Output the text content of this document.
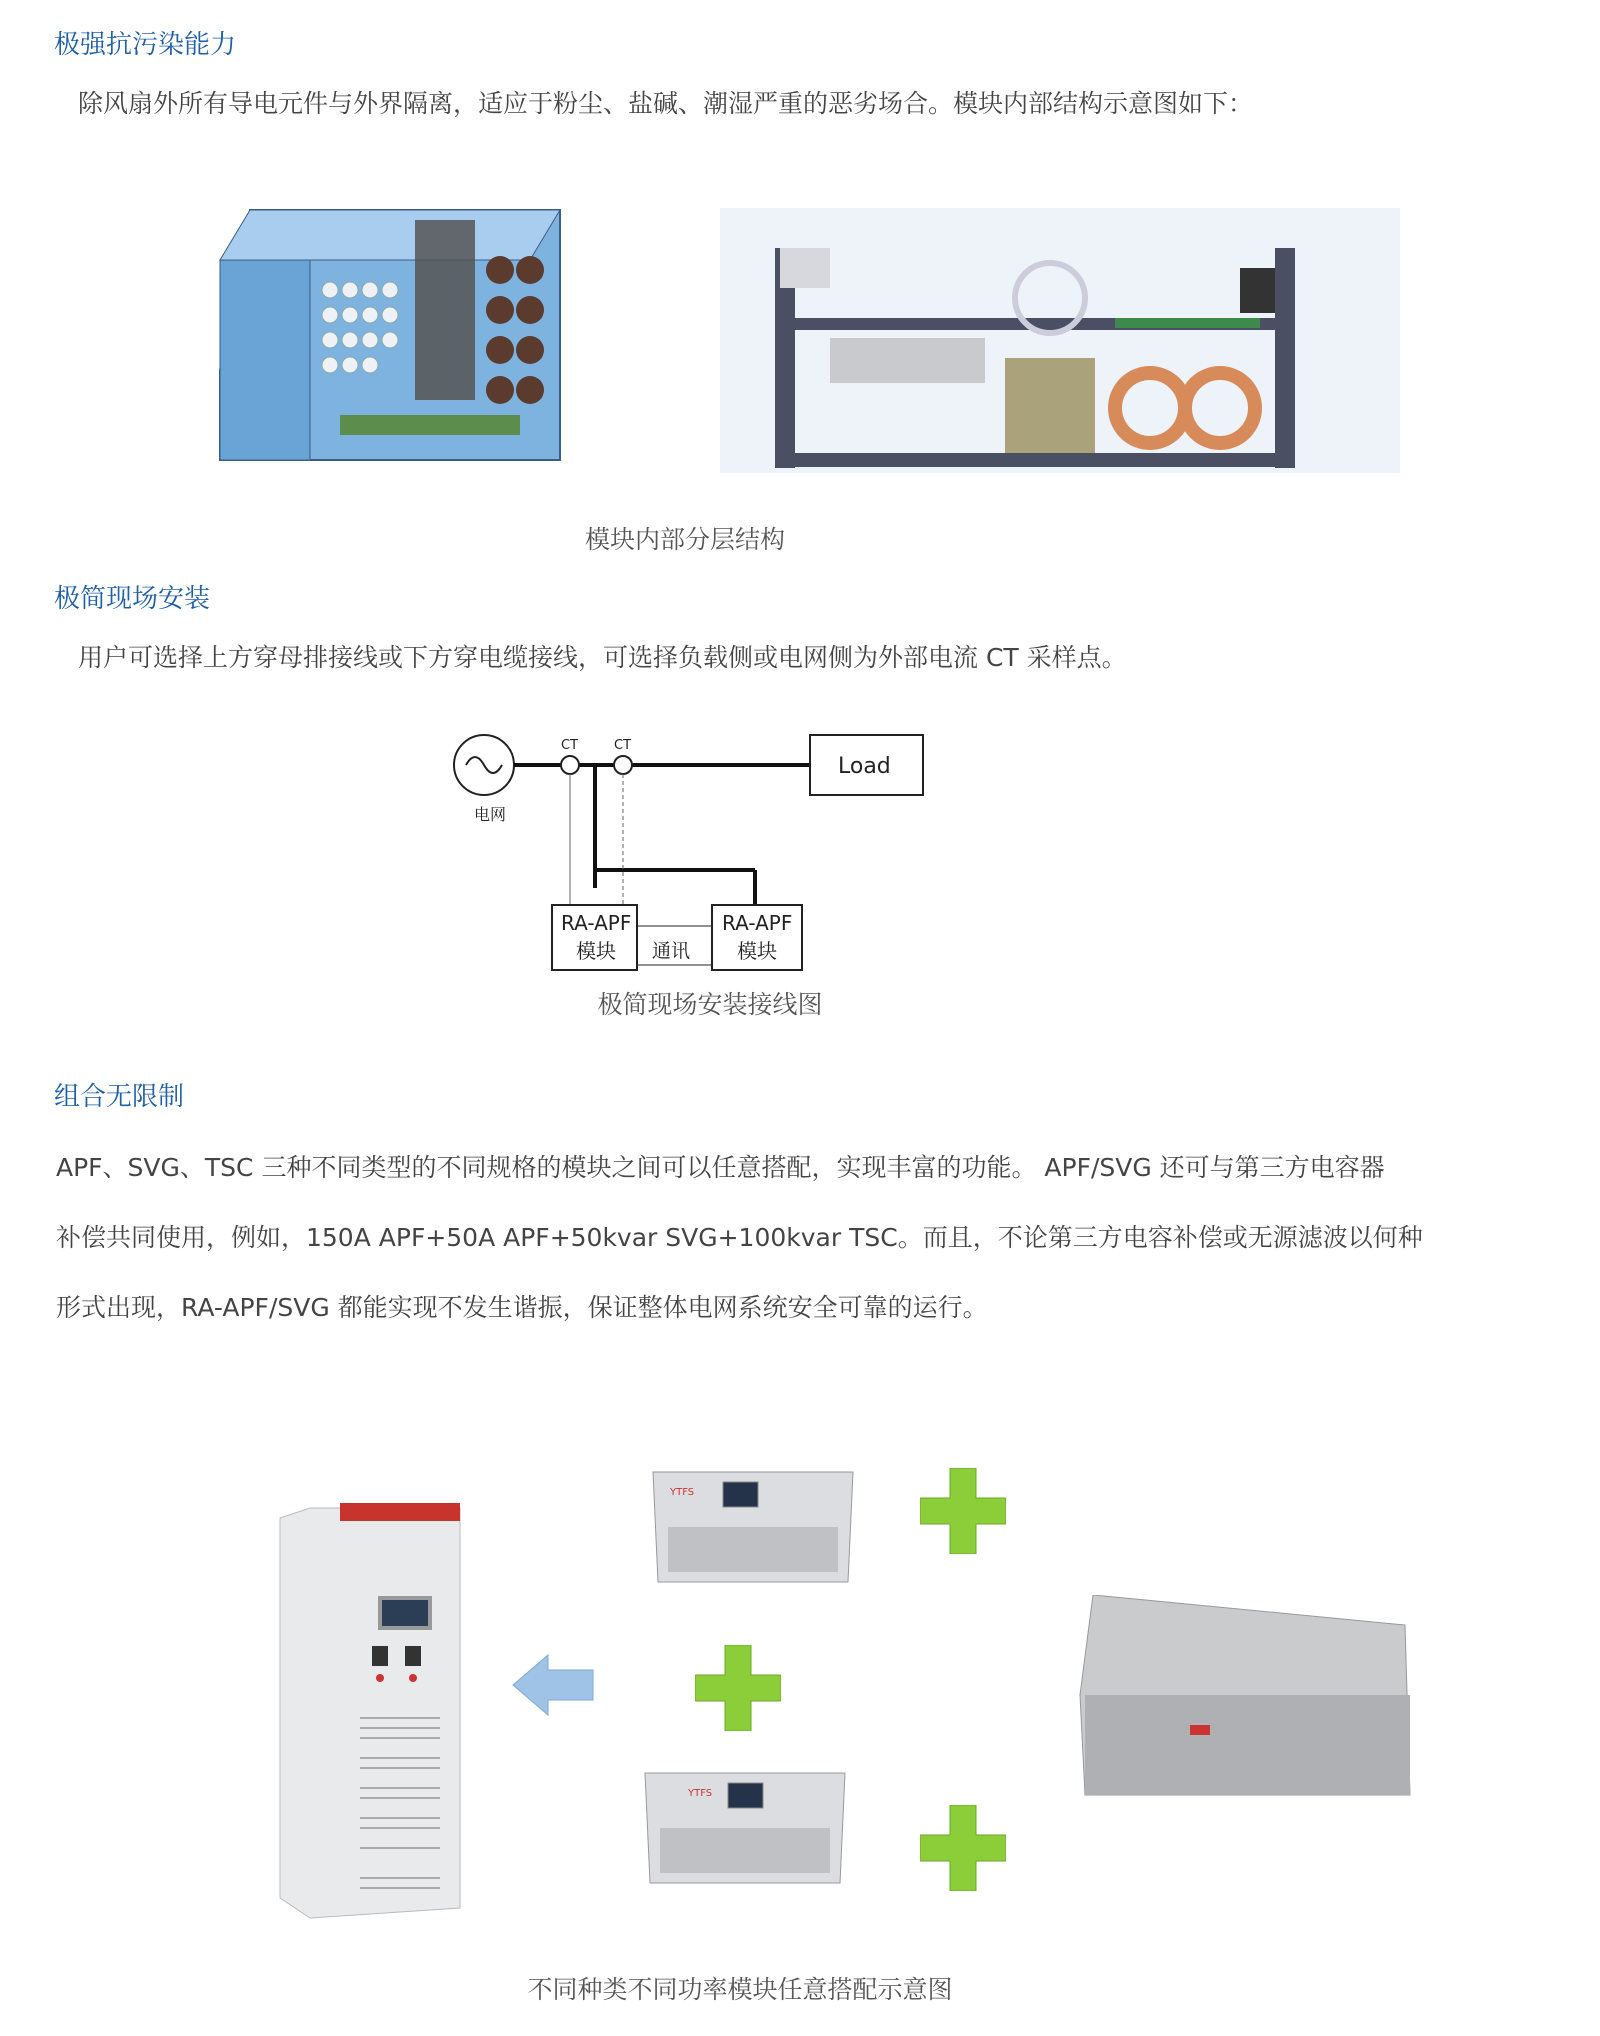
极强抗污染能力
除风扇外所有导电元件与外界隔离，适应于粉尘、盐碱、潮湿严重的恶劣场合。模块内部结构示意图如下：
模块内部分层结构
极简现场安装
用户可选择上方穿母排接线或下方穿电缆接线，可选择负载侧或电网侧为外部电流 CT 采样点。
电网
CT	CT
Load
RA-APF
模块
RA-APF
模块
通讯
极简现场安装接线图
组合无限制
APF、SVG、TSC 三种不同类型的不同规格的模块之间可以任意搭配，实现丰富的功能。 APF/SVG 还可与第三方电容器
补偿共同使用，例如，150A APF+50A APF+50kvar SVG+100kvar TSC。而且，不论第三方电容补偿或无源滤波以何种
形式出现，RA-APF/SVG 都能实现不发生谐振，保证整体电网系统安全可靠的运行。
YTFS
YTFS
不同种类不同功率模块任意搭配示意图
